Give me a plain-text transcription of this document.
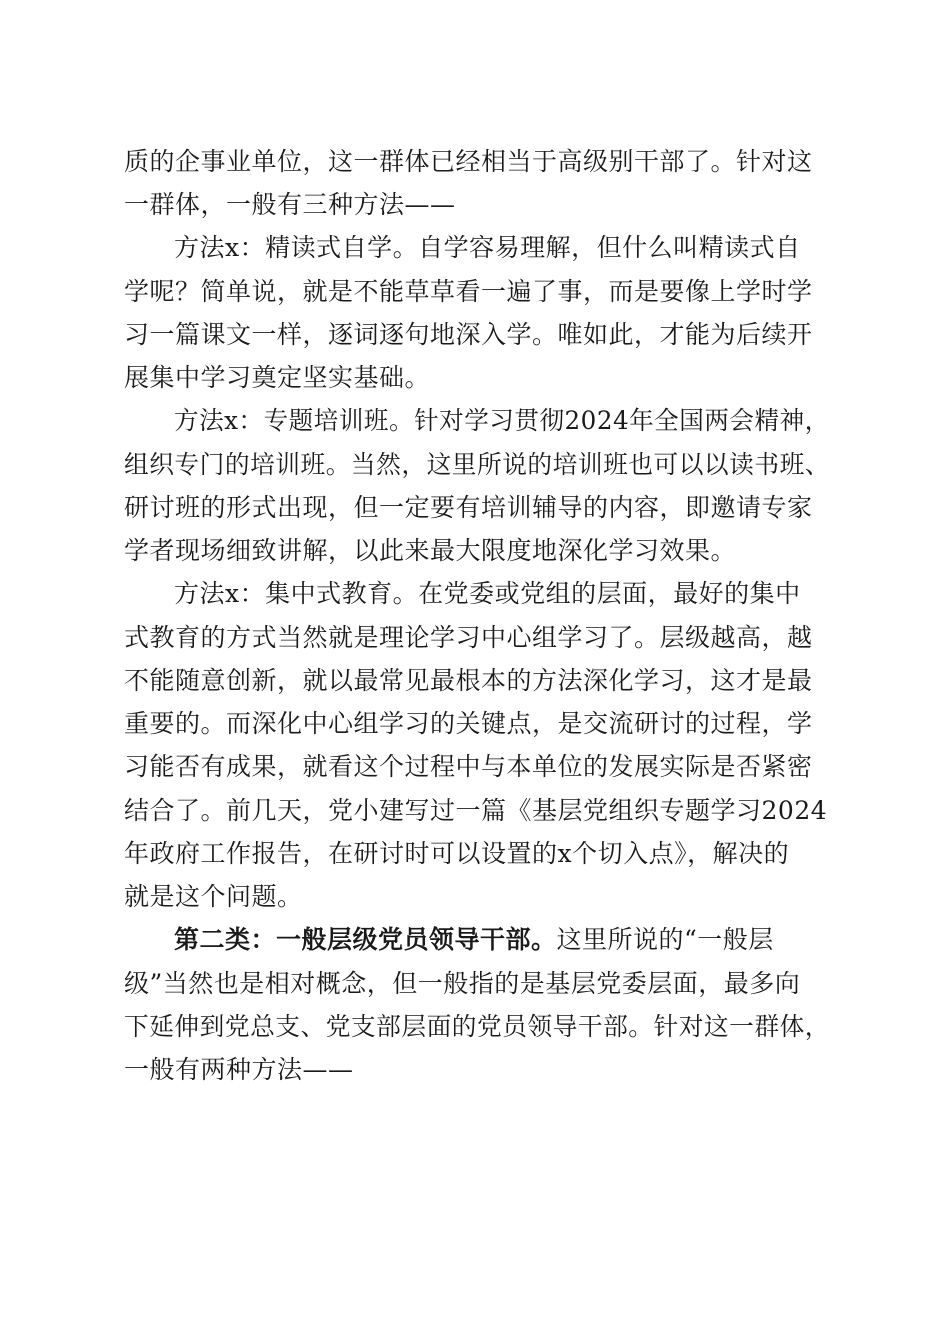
质的企事业单位，这一群体已经相当于高级别干部了。针对这
一群体，一般有三种方法——
方法x：精读式自学。自学容易理解，但什么叫精读式自
学呢？简单说，就是不能草草看一遍了事，而是要像上学时学
习一篇课文一样，逐词逐句地深入学。唯如此，才能为后续开
展集中学习奠定坚实基础。
方法x：专题培训班。针对学习贯彻2024年全国两会精神，
组织专门的培训班。当然，这里所说的培训班也可以以读书班、
研讨班的形式出现，但一定要有培训辅导的内容，即邀请专家
学者现场细致讲解，以此来最大限度地深化学习效果。
方法x：集中式教育。在党委或党组的层面，最好的集中
式教育的方式当然就是理论学习中心组学习了。层级越高，越
不能随意创新，就以最常见最根本的方法深化学习，这才是最
重要的。而深化中心组学习的关键点，是交流研讨的过程，学
习能否有成果，就看这个过程中与本单位的发展实际是否紧密
结合了。前几天，党小建写过一篇《基层党组织专题学习2024
年政府工作报告，在研讨时可以设置的x个切入点》，解决的
就是这个问题。
第二类：一般层级党员领导干部。这里所说的“一般层
级”当然也是相对概念，但一般指的是基层党委层面，最多向
下延伸到党总支、党支部层面的党员领导干部。针对这一群体，
一般有两种方法——
